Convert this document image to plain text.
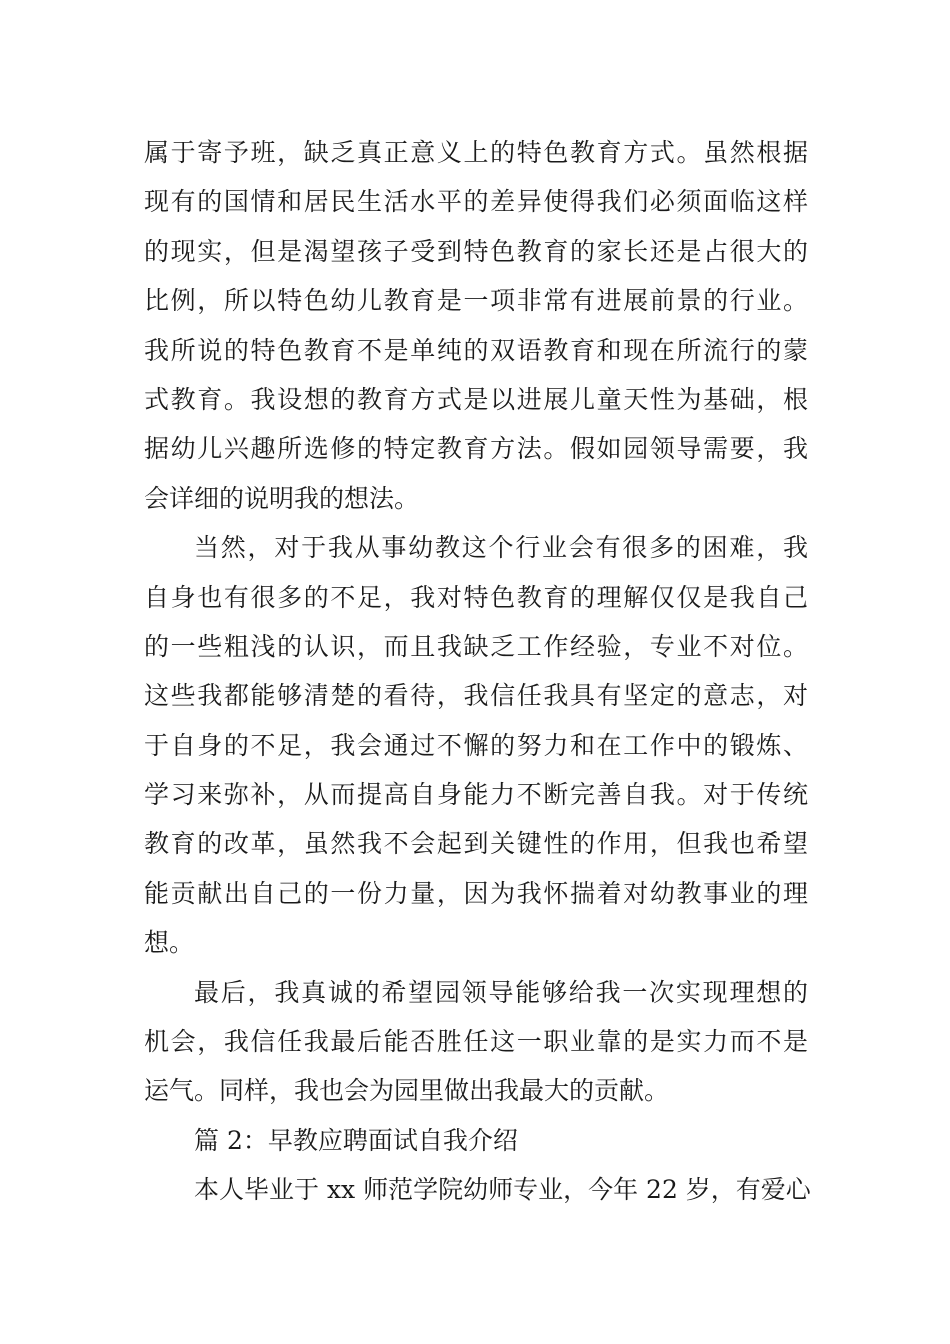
属于寄予班，缺乏真正意义上的特色教育方式。虽然根据
现有的国情和居民生活水平的差异使得我们必须面临这样
的现实，但是渴望孩子受到特色教育的家长还是占很大的
比例，所以特色幼儿教育是一项非常有进展前景的行业。
我所说的特色教育不是单纯的双语教育和现在所流行的蒙
式教育。我设想的教育方式是以进展儿童天性为基础，根
据幼儿兴趣所选修的特定教育方法。假如园领导需要，我
会详细的说明我的想法。
当然，对于我从事幼教这个行业会有很多的困难，我
自身也有很多的不足，我对特色教育的理解仅仅是我自己
的一些粗浅的认识，而且我缺乏工作经验，专业不对位。
这些我都能够清楚的看待，我信任我具有坚定的意志，对
于自身的不足，我会通过不懈的努力和在工作中的锻炼、
学习来弥补，从而提高自身能力不断完善自我。对于传统
教育的改革，虽然我不会起到关键性的作用，但我也希望
能贡献出自己的一份力量，因为我怀揣着对幼教事业的理
想。
最后，我真诚的希望园领导能够给我一次实现理想的
机会，我信任我最后能否胜任这一职业靠的是实力而不是
运气。同样，我也会为园里做出我最大的贡献。
篇 2：早教应聘面试自我介绍
本人毕业于 xx 师范学院幼师专业，今年 22 岁，有爱心
